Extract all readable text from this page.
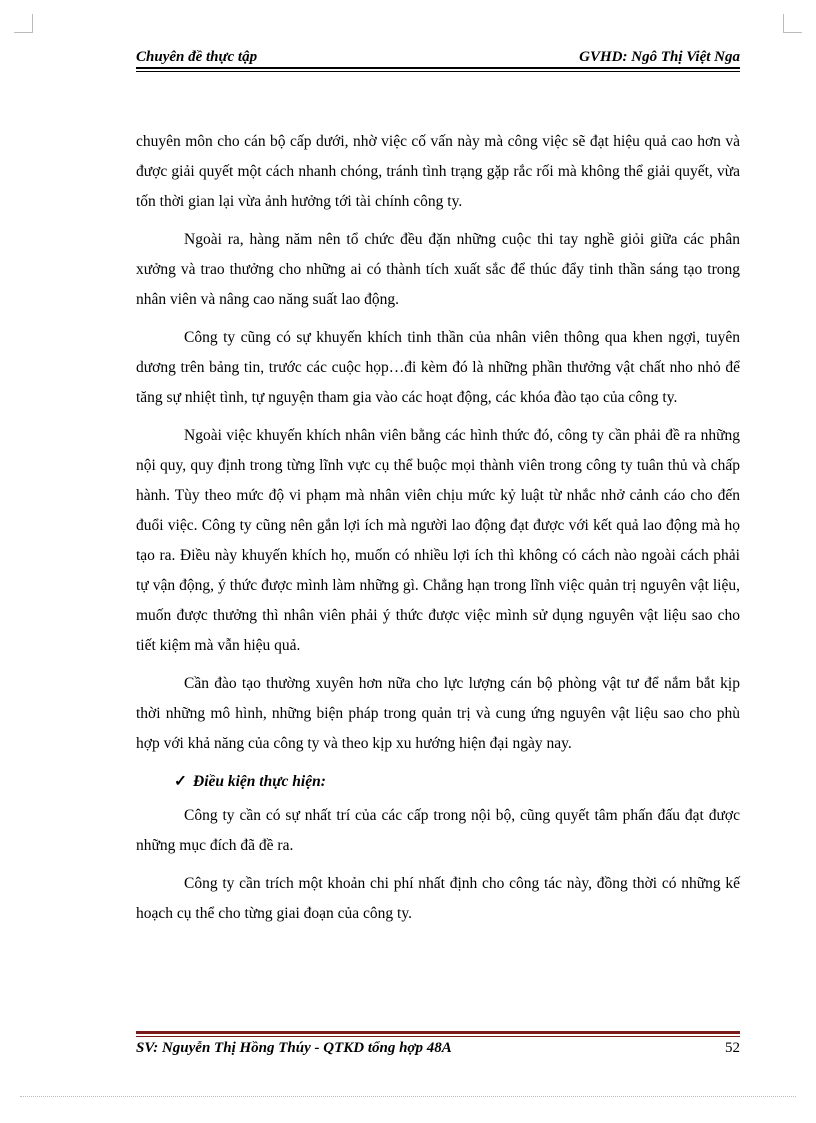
Chuyên đề thực tập	GVHD: Ngô Thị Việt Nga

chuyên môn cho cán bộ cấp dưới, nhờ việc cố vấn này mà công việc sẽ đạt hiệu quả cao hơn và được giải quyết một cách nhanh chóng, tránh tình trạng gặp rắc rối mà không thể giải quyết, vừa tốn thời gian lại vừa ảnh hưởng tới tài chính công ty.

Ngoài ra, hàng năm nên tổ chức đều đặn những cuộc thi tay nghề giỏi giữa các phân xưởng và trao thưởng cho những ai có thành tích xuất sắc để thúc đẩy tinh thần sáng tạo trong nhân viên và nâng cao năng suất lao động.

Công ty cũng có sự khuyến khích tinh thần của nhân viên thông qua khen ngợi, tuyên dương trên bảng tin, trước các cuộc họp…đi kèm đó là những phần thưởng vật chất nho nhỏ để tăng sự nhiệt tình, tự nguyện tham gia vào các hoạt động, các khóa đào tạo của công ty.

Ngoài việc khuyến khích nhân viên bằng các hình thức đó, công ty cần phải đề ra những nội quy, quy định trong từng lĩnh vực cụ thể buộc mọi thành viên trong công ty tuân thủ và chấp hành. Tùy theo mức độ vi phạm mà nhân viên chịu mức kỷ luật từ nhắc nhở cảnh cáo cho đến đuổi việc. Công ty cũng nên gắn lợi ích mà người lao động đạt được với kết quả lao động mà họ tạo ra. Điều này khuyến khích họ, muốn có nhiều lợi ích thì không có cách nào ngoài cách phải tự vận động, ý thức được mình làm những gì. Chẳng hạn trong lĩnh việc quản trị nguyên vật liệu, muốn được thưởng thì nhân viên phải ý thức được việc mình sử dụng nguyên vật liệu sao cho tiết kiệm mà vẫn hiệu quả.

Cần đào tạo thường xuyên hơn nữa cho lực lượng cán bộ phòng vật tư để nắm bắt kịp thời những mô hình, những biện pháp trong quản trị và cung ứng nguyên vật liệu sao cho phù hợp với khả năng của công ty và theo kịp xu hướng hiện đại ngày nay.

✓ Điều kiện thực hiện:

Công ty cần có sự nhất trí của các cấp trong nội bộ, cũng quyết tâm phấn đấu đạt được những mục đích đã đề ra.

Công ty cần trích một khoản chi phí nhất định cho công tác này, đồng thời có những kế hoạch cụ thể cho từng giai đoạn của công ty.

SV: Nguyễn Thị Hồng Thúy - QTKD tổng hợp 48A	52
